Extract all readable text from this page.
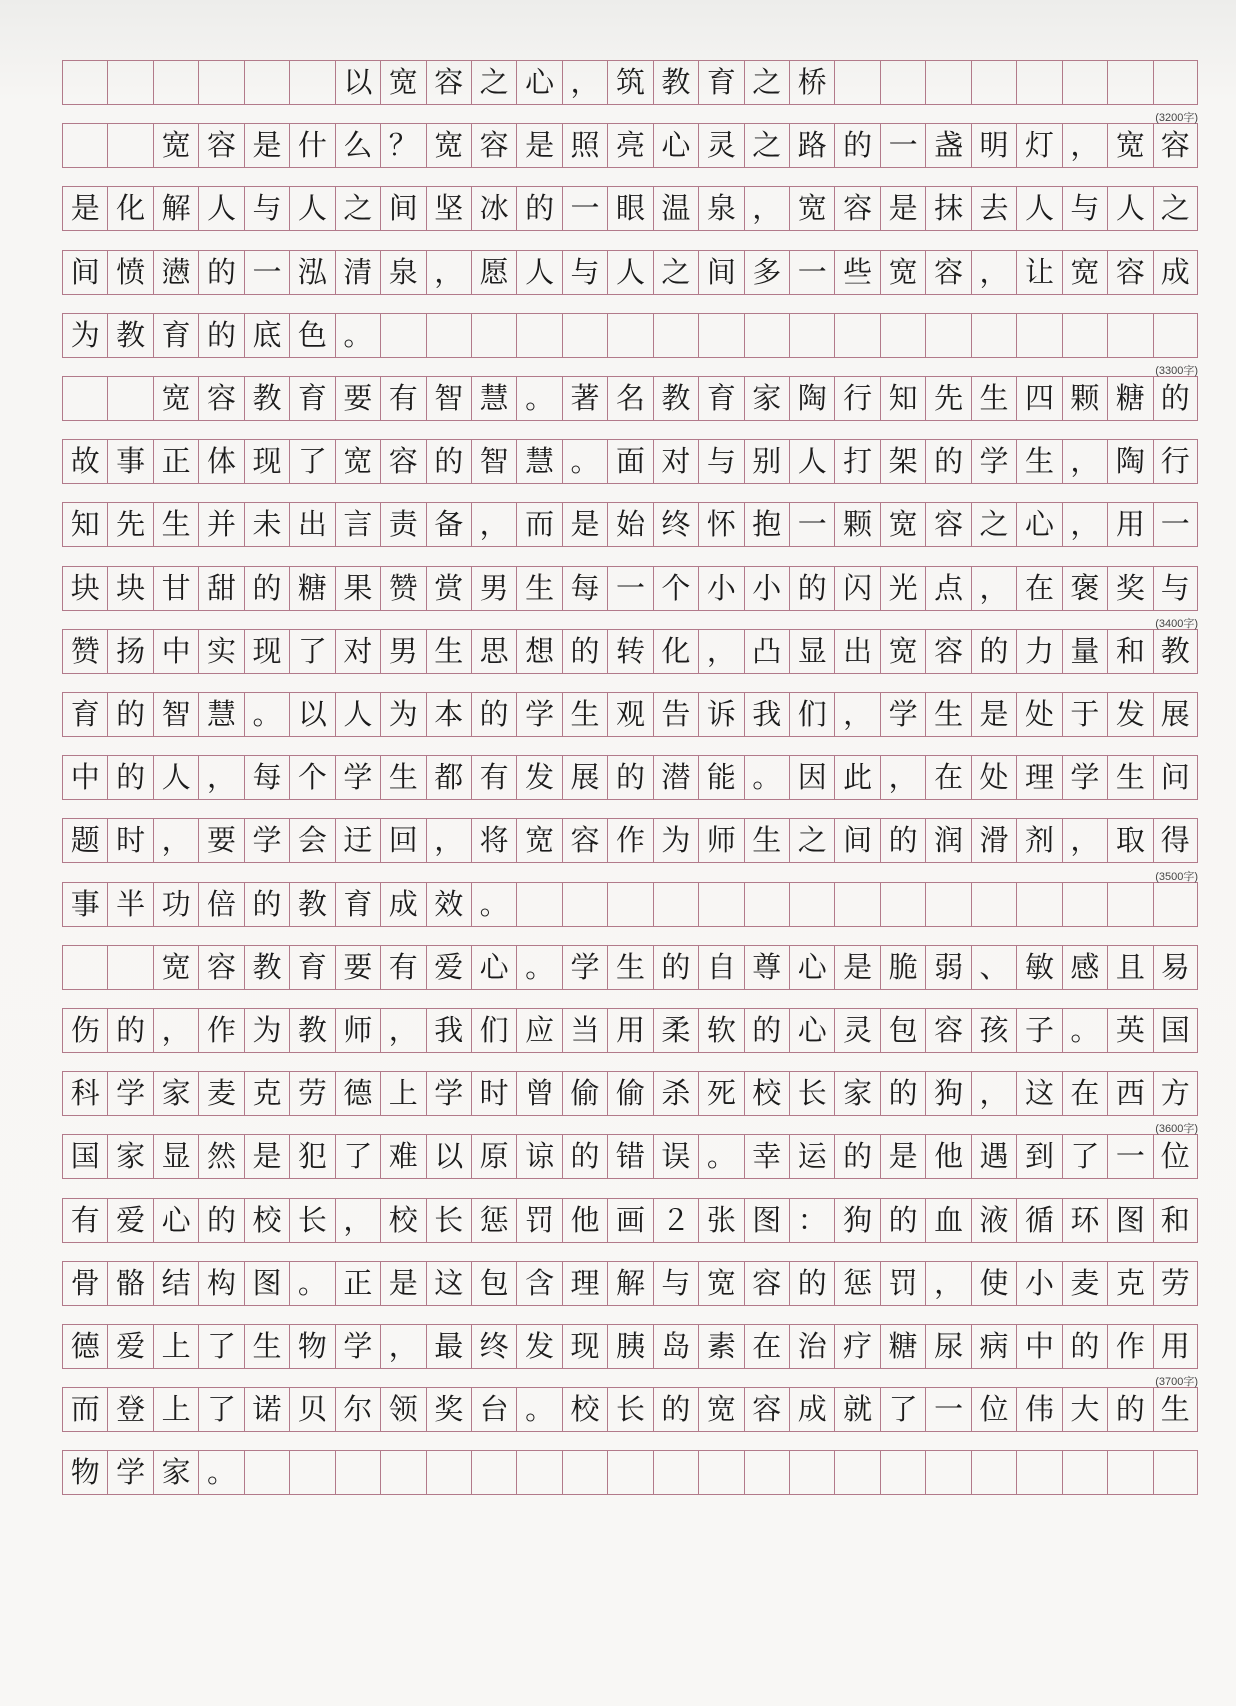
以 宽 容 之 心 ， 筑 教 育 之 桥
宽 容 是 什 么 ？ 宽 容 是 照 亮 心 灵 之 路 的 一 盏 明 灯 ， 宽 容
(3200字)
是 化 解 人 与 人 之 间 坚 冰 的 一 眼 温 泉 ， 宽 容 是 抹 去 人 与 人 之
间 愤 懑 的 一 泓 清 泉 ， 愿 人 与 人 之 间 多 一 些 宽 容 ， 让 宽 容 成
为 教 育 的 底 色 。
宽 容 教 育 要 有 智 慧 。 著 名 教 育 家 陶 行 知 先 生 四 颗 糖 的
(3300字)
故 事 正 体 现 了 宽 容 的 智 慧 。 面 对 与 别 人 打 架 的 学 生 ， 陶 行
知 先 生 并 未 出 言 责 备 ， 而 是 始 终 怀 抱 一 颗 宽 容 之 心 ， 用 一
块 块 甘 甜 的 糖 果 赞 赏 男 生 每 一 个 小 小 的 闪 光 点 ， 在 褒 奖 与
赞 扬 中 实 现 了 对 男 生 思 想 的 转 化 ， 凸 显 出 宽 容 的 力 量 和 教
(3400字)
育 的 智 慧 。 以 人 为 本 的 学 生 观 告 诉 我 们 ， 学 生 是 处 于 发 展
中 的 人 ， 每 个 学 生 都 有 发 展 的 潜 能 。 因 此 ， 在 处 理 学 生 问
题 时 ， 要 学 会 迂 回 ， 将 宽 容 作 为 师 生 之 间 的 润 滑 剂 ， 取 得
事 半 功 倍 的 教 育 成 效 。
(3500字)
宽 容 教 育 要 有 爱 心 。 学 生 的 自 尊 心 是 脆 弱 、 敏 感 且 易
伤 的 ， 作 为 教 师 ， 我 们 应 当 用 柔 软 的 心 灵 包 容 孩 子 。 英 国
科 学 家 麦 克 劳 德 上 学 时 曾 偷 偷 杀 死 校 长 家 的 狗 ， 这 在 西 方
国 家 显 然 是 犯 了 难 以 原 谅 的 错 误 。 幸 运 的 是 他 遇 到 了 一 位
(3600字)
有 爱 心 的 校 长 ， 校 长 惩 罚 他 画 ２ 张 图 ： 狗 的 血 液 循 环 图 和
骨 骼 结 构 图 。 正 是 这 包 含 理 解 与 宽 容 的 惩 罚 ， 使 小 麦 克 劳
德 爱 上 了 生 物 学 ， 最 终 发 现 胰 岛 素 在 治 疗 糖 尿 病 中 的 作 用
而 登 上 了 诺 贝 尔 领 奖 台 。 校 长 的 宽 容 成 就 了 一 位 伟 大 的 生
(3700字)
物 学 家 。
